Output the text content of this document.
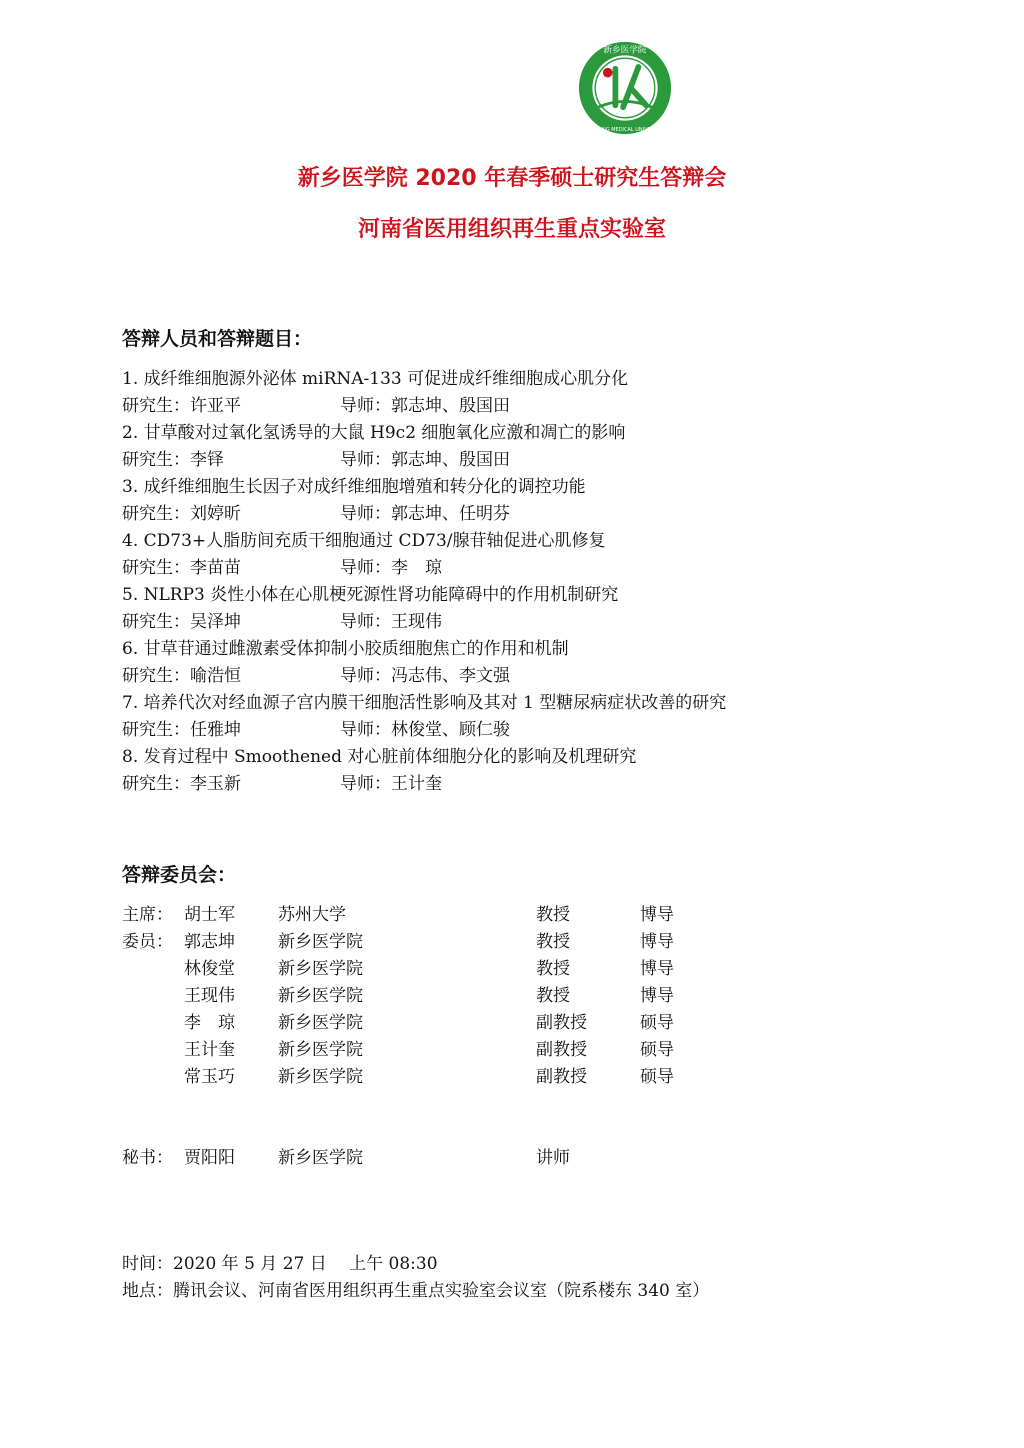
新乡医学院
XINXIANG MEDICAL UNIVERSITY
新乡医学院 2020 年春季硕士研究生答辩会
河南省医用组织再生重点实验室
答辩人员和答辩题目：
1. 成纤维细胞源外泌体 miRNA-133 可促进成纤维细胞成心肌分化
研究生：许亚平	导师：郭志坤、殷国田
2. 甘草酸对过氧化氢诱导的大鼠 H9c2 细胞氧化应激和凋亡的影响
研究生：李铎	导师：郭志坤、殷国田
3. 成纤维细胞生长因子对成纤维细胞增殖和转分化的调控功能
研究生：刘婷昕	导师：郭志坤、任明芬
4. CD73+人脂肪间充质干细胞通过 CD73/腺苷轴促进心肌修复
研究生：李苗苗	导师：李　琼
5. NLRP3 炎性小体在心肌梗死源性肾功能障碍中的作用机制研究
研究生：吴泽坤	导师：王现伟
6. 甘草苷通过雌激素受体抑制小胶质细胞焦亡的作用和机制
研究生：喻浩恒	导师：冯志伟、李文强
7. 培养代次对经血源子宫内膜干细胞活性影响及其对 1 型糖尿病症状改善的研究
研究生：任雅坤	导师：林俊堂、顾仁骏
8. 发育过程中 Smoothened 对心脏前体细胞分化的影响及机理研究
研究生：李玉新	导师：王计奎
答辩委员会：
主席： 胡士军	苏州大学	教授	博导
委员： 郭志坤	新乡医学院	教授	博导
林俊堂	新乡医学院	教授	博导
王现伟	新乡医学院	教授	博导
李　琼	新乡医学院	副教授	硕导
王计奎	新乡医学院	副教授	硕导
常玉巧	新乡医学院	副教授	硕导
秘书： 贾阳阳	新乡医学院	讲师
时间：2020 年 5 月 27 日　 上午 08:30
地点：腾讯会议、河南省医用组织再生重点实验室会议室（院系楼东 340 室）
